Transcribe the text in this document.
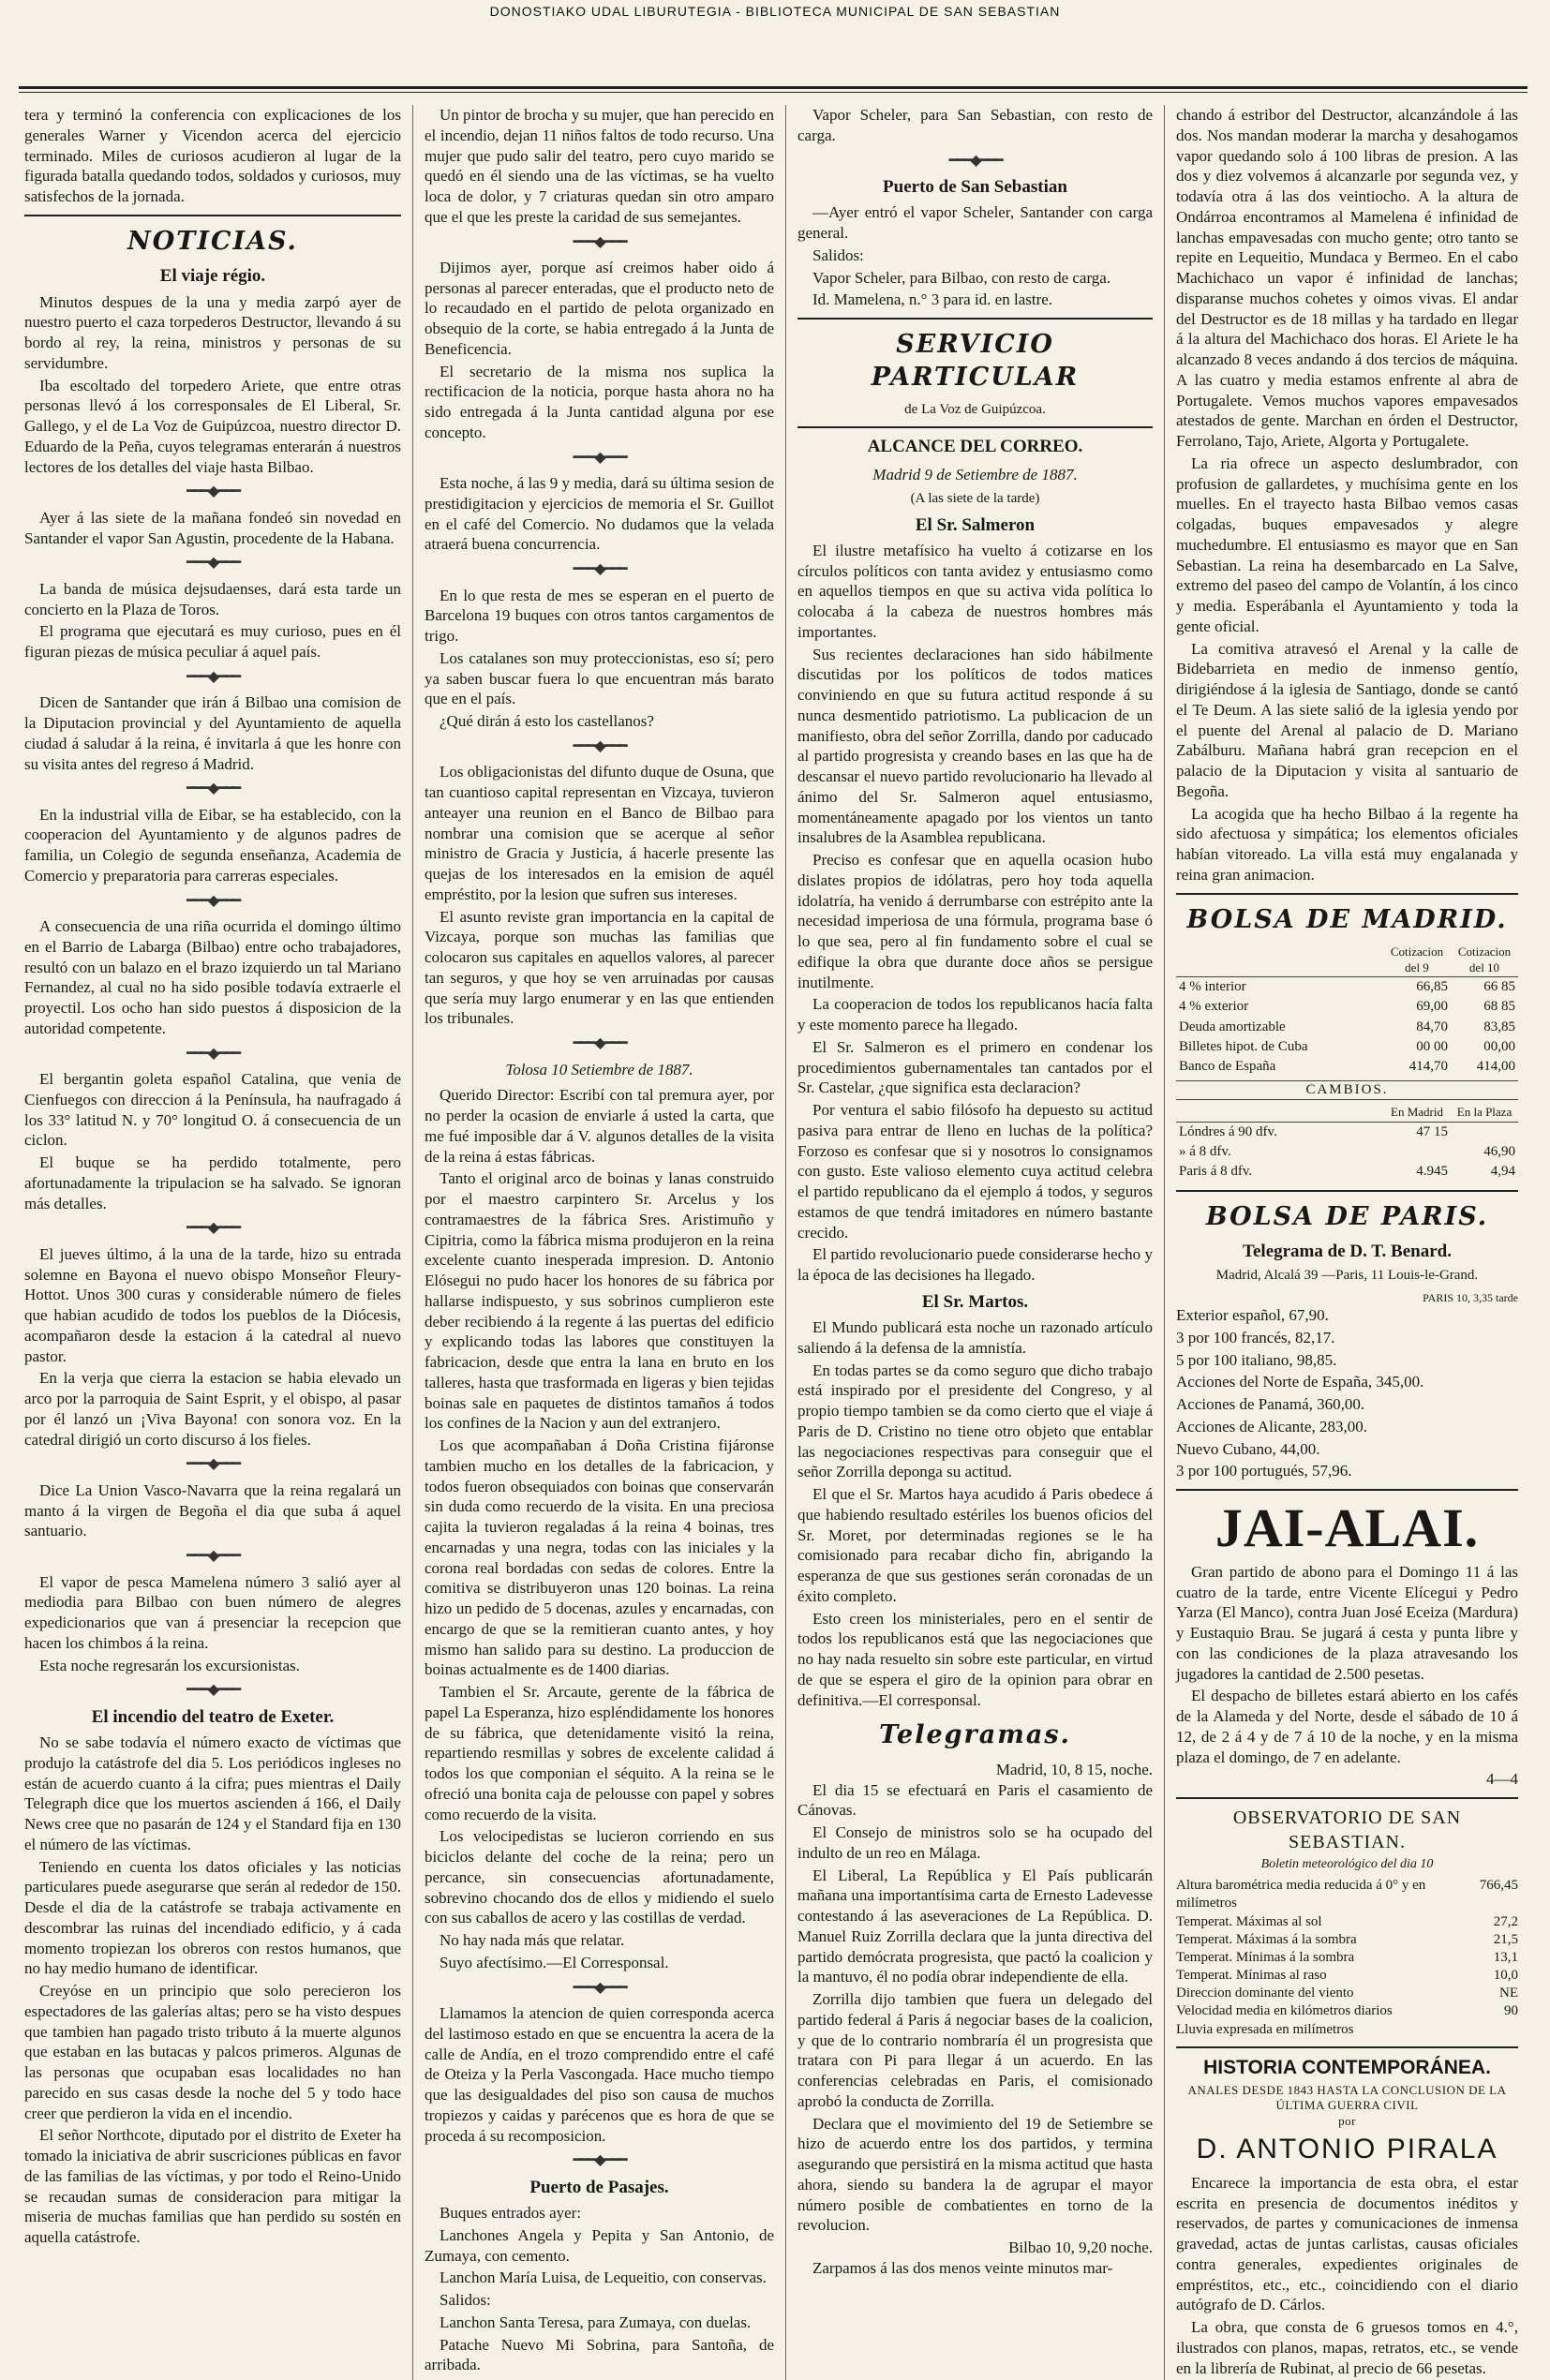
DONOSTIAKO UDAL LIBURUTEGIA - BIBLIOTECA MUNICIPAL DE SAN SEBASTIAN

tera y terminó la conferencia con explicaciones de los generales Warner y Vicendon acerca del ejercicio terminado. Miles de curiosos acudieron al lugar de la figurada batalla quedando todos, soldados y curiosos, muy satisfechos de la jornada.

NOTICIAS.
El viaje régio.

Minutos despues de la una y media zarpó ayer de nuestro puerto el caza torpederos Destructor, llevando á su bordo al rey, la reina, ministros y personas de su servidumbre.

Iba escoltado del torpedero Ariete, que entre otras personas llevó á los corresponsales de El Liberal, Sr. Gallego, y el de La Voz de Guipúzcoa, nuestro director D. Eduardo de la Peña, cuyos telegramas enterarán á nuestros lectores de los detalles del viaje hasta Bilbao.

━━━◆━━━

Ayer á las siete de la mañana fondeó sin novedad en Santander el vapor San Agustin, procedente de la Habana.

━━━◆━━━

La banda de música dejsudaenses, dará esta tarde un concierto en la Plaza de Toros.

El programa que ejecutará es muy curioso, pues en él figuran piezas de música peculiar á aquel país.

━━━◆━━━

Dicen de Santander que irán á Bilbao una comision de la Diputacion provincial y del Ayuntamiento de aquella ciudad á saludar á la reina, é invitarla á que les honre con su visita antes del regreso á Madrid.

━━━◆━━━

En la industrial villa de Eibar, se ha establecido, con la cooperacion del Ayuntamiento y de algunos padres de familia, un Colegio de segunda enseñanza, Academia de Comercio y preparatoria para carreras especiales.

━━━◆━━━

A consecuencia de una riña ocurrida el domingo último en el Barrio de Labarga (Bilbao) entre ocho trabajadores, resultó con un balazo en el brazo izquierdo un tal Mariano Fernandez, al cual no ha sido posible todavía extraerle el proyectil. Los ocho han sido puestos á disposicion de la autoridad competente.

━━━◆━━━

El bergantin goleta español Catalina, que venia de Cienfuegos con direccion á la Península, ha naufragado á los 33° latitud N. y 70° longitud O. á consecuencia de un ciclon.

El buque se ha perdido totalmente, pero afortunadamente la tripulacion se ha salvado. Se ignoran más detalles.

━━━◆━━━

El jueves último, á la una de la tarde, hizo su entrada solemne en Bayona el nuevo obispo Monseñor Fleury-Hottot. Unos 300 curas y considerable número de fieles que habian acudido de todos los pueblos de la Diócesis, acompañaron desde la estacion á la catedral al nuevo pastor.

En la verja que cierra la estacion se habia elevado un arco por la parroquia de Saint Esprit, y el obispo, al pasar por él lanzó un ¡Viva Bayona! con sonora voz. En la catedral dirigió un corto discurso á los fieles.

━━━◆━━━

Dice La Union Vasco-Navarra que la reina regalará un manto á la virgen de Begoña el dia que suba á aquel santuario.

━━━◆━━━

El vapor de pesca Mamelena número 3 salió ayer al mediodia para Bilbao con buen número de alegres expedicionarios que van á presenciar la recepcion que hacen los chimbos á la reina.

Esta noche regresarán los excursionistas.

━━━◆━━━
El incendio del teatro de Exeter.

No se sabe todavía el número exacto de víctimas que produjo la catástrofe del dia 5. Los periódicos ingleses no están de acuerdo cuanto á la cifra; pues mientras el Daily Telegraph dice que los muertos ascienden á 166, el Daily News cree que no pasarán de 124 y el Standard fija en 130 el número de las víctimas.

Teniendo en cuenta los datos oficiales y las noticias particulares puede asegurarse que serán al rededor de 150. Desde el dia de la catástrofe se trabaja activamente en descombrar las ruinas del incendiado edificio, y á cada momento tropiezan los obreros con restos humanos, que no hay medio humano de identificar.

Creyóse en un principio que solo perecieron los espectadores de las galerías altas; pero se ha visto despues que tambien han pagado tristo tributo á la muerte algunos que estaban en las butacas y palcos primeros. Algunas de las personas que ocupaban esas localidades no han parecido en sus casas desde la noche del 5 y todo hace creer que perdieron la vida en el incendio.

El señor Northcote, diputado por el distrito de Exeter ha tomado la iniciativa de abrir suscriciones públicas en favor de las familias de las víctimas, y por todo el Reino-Unido se recaudan sumas de consideracion para mitigar la miseria de muchas familias que han perdido su sostén en aquella catástrofe.

Un pintor de brocha y su mujer, que han perecido en el incendio, dejan 11 niños faltos de todo recurso. Una mujer que pudo salir del teatro, pero cuyo marido se quedó en él siendo una de las víctimas, se ha vuelto loca de dolor, y 7 criaturas quedan sin otro amparo que el que les preste la caridad de sus semejantes.

━━━◆━━━

Dijimos ayer, porque así creimos haber oido á personas al parecer enteradas, que el producto neto de lo recaudado en el partido de pelota organizado en obsequio de la corte, se habia entregado á la Junta de Beneficencia.

El secretario de la misma nos suplica la rectificacion de la noticia, porque hasta ahora no ha sido entregada á la Junta cantidad alguna por ese concepto.

━━━◆━━━

Esta noche, á las 9 y media, dará su última sesion de prestidigitacion y ejercicios de memoria el Sr. Guillot en el café del Comercio. No dudamos que la velada atraerá buena concurrencia.

━━━◆━━━

En lo que resta de mes se esperan en el puerto de Barcelona 19 buques con otros tantos cargamentos de trigo.

Los catalanes son muy proteccionistas, eso sí; pero ya saben buscar fuera lo que encuentran más barato que en el país.

¿Qué dirán á esto los castellanos?

━━━◆━━━

Los obligacionistas del difunto duque de Osuna, que tan cuantioso capital representan en Vizcaya, tuvieron anteayer una reunion en el Banco de Bilbao para nombrar una comision que se acerque al señor ministro de Gracia y Justicia, á hacerle presente las quejas de los interesados en la emision de aquél empréstito, por la lesion que sufren sus intereses.

El asunto reviste gran importancia en la capital de Vizcaya, porque son muchas las familias que colocaron sus capitales en aquellos valores, al parecer tan seguros, y que hoy se ven arruinadas por causas que sería muy largo enumerar y en las que entienden los tribunales.

━━━◆━━━
Tolosa 10 Setiembre de 1887.

Querido Director: Escribí con tal premura ayer, por no perder la ocasion de enviarle á usted la carta, que me fué imposible dar á V. algunos detalles de la visita de la reina á estas fábricas.

Tanto el original arco de boinas y lanas construido por el maestro carpintero Sr. Arcelus y los contramaestres de la fábrica Sres. Aristimuño y Cipitria, como la fábrica misma produjeron en la reina excelente cuanto inesperada impresion. D. Antonio Elósegui no pudo hacer los honores de su fábrica por hallarse indispuesto, y sus sobrinos cumplieron este deber recibiendo á la regente á las puertas del edificio y explicando todas las labores que constituyen la fabricacion, desde que entra la lana en bruto en los talleres, hasta que trasformada en ligeras y bien tejidas boinas sale en paquetes de distintos tamaños á todos los confines de la Nacion y aun del extranjero.

Los que acompañaban á Doña Cristina fijáronse tambien mucho en los detalles de la fabricacion, y todos fueron obsequiados con boinas que conservarán sin duda como recuerdo de la visita. En una preciosa cajita la tuvieron regaladas á la reina 4 boinas, tres encarnadas y una negra, todas con las iniciales y la corona real bordadas con sedas de colores. Entre la comitiva se distribuyeron unas 120 boinas. La reina hizo un pedido de 5 docenas, azules y encarnadas, con encargo de que se la remitieran cuanto antes, y hoy mismo han salido para su destino. La produccion de boinas actualmente es de 1400 diarias.

Tambien el Sr. Arcaute, gerente de la fábrica de papel La Esperanza, hizo espléndidamente los honores de su fábrica, que detenidamente visitó la reina, repartiendo resmillas y sobres de excelente calidad á todos los que componian el séquito. A la reina se le ofreció una bonita caja de pelousse con papel y sobres como recuerdo de la visita.

Los velocipedistas se lucieron corriendo en sus biciclos delante del coche de la reina; pero un percance, sin consecuencias afortunadamente, sobrevino chocando dos de ellos y midiendo el suelo con sus caballos de acero y las costillas de verdad.

No hay nada más que relatar.

Suyo afectísimo.—El Corresponsal.

━━━◆━━━

Llamamos la atencion de quien corresponda acerca del lastimoso estado en que se encuentra la acera de la calle de Andía, en el trozo comprendido entre el café de Oteiza y la Perla Vascongada. Hace mucho tiempo que las desigualdades del piso son causa de muchos tropiezos y caidas y parécenos que es hora de que se proceda á su recomposicion.

━━━◆━━━
Puerto de Pasajes.

Buques entrados ayer:

Lanchones Angela y Pepita y San Antonio, de Zumaya, con cemento.

Lanchon María Luisa, de Lequeitio, con conservas.

Salidos:

Lanchon Santa Teresa, para Zumaya, con duelas.

Patache Nuevo Mi Sobrina, para Santoña, de arribada.

Vapor Scheler, para San Sebastian, con resto de carga.

━━━◆━━━
Puerto de San Sebastian

—Ayer entró el vapor Scheler, Santander con carga general.

Salidos:

Vapor Scheler, para Bilbao, con resto de carga.

Id. Mamelena, n.° 3 para id. en lastre.

SERVICIO PARTICULAR
de La Voz de Guipúzcoa.
ALCANCE DEL CORREO.
Madrid 9 de Setiembre de 1887.
(A las siete de la tarde)
El Sr. Salmeron

El ilustre metafísico ha vuelto á cotizarse en los círculos políticos con tanta avidez y entusiasmo como en aquellos tiempos en que su activa vida política lo colocaba á la cabeza de nuestros hombres más importantes.

Sus recientes declaraciones han sido hábilmente discutidas por los políticos de todos matices conviniendo en que su futura actitud responde á su nunca desmentido patriotismo. La publicacion de un manifiesto, obra del señor Zorrilla, dando por caducado al partido progresista y creando bases en las que ha de descansar el nuevo partido revolucionario ha llevado al ánimo del Sr. Salmeron aquel entusiasmo, momentáneamente apagado por los vientos un tanto insalubres de la Asamblea republicana.

Preciso es confesar que en aquella ocasion hubo dislates propios de idólatras, pero hoy toda aquella idolatría, ha venido á derrumbarse con estrépito ante la necesidad imperiosa de una fórmula, programa base ó lo que sea, pero al fin fundamento sobre el cual se edifique la obra que durante doce años se persigue inutilmente.

La cooperacion de todos los republicanos hacía falta y este momento parece ha llegado.

El Sr. Salmeron es el primero en condenar los procedimientos gubernamentales tan cantados por el Sr. Castelar, ¿que significa esta declaracion?

Por ventura el sabio filósofo ha depuesto su actitud pasiva para entrar de lleno en luchas de la política? Forzoso es confesar que si y nosotros lo consignamos con gusto. Este valioso elemento cuya actitud celebra el partido republicano da el ejemplo á todos, y seguros estamos de que tendrá imitadores en número bastante crecido.

El partido revolucionario puede considerarse hecho y la época de las decisiones ha llegado.

El Sr. Martos.

El Mundo publicará esta noche un razonado artículo saliendo á la defensa de la amnistía.

En todas partes se da como seguro que dicho trabajo está inspirado por el presidente del Congreso, y al propio tiempo tambien se da como cierto que el viaje á Paris de D. Cristino no tiene otro objeto que entablar las negociaciones respectivas para conseguir que el señor Zorrilla deponga su actitud.

El que el Sr. Martos haya acudido á Paris obedece á que habiendo resultado estériles los buenos oficios del Sr. Moret, por determinadas regiones se le ha comisionado para recabar dicho fin, abrigando la esperanza de que sus gestiones serán coronadas de un éxito completo.

Esto creen los ministeriales, pero en el sentir de todos los republicanos está que las negociaciones que no hay nada resuelto sin sobre este particular, en virtud de que se espera el giro de la opinion para obrar en definitiva.—El corresponsal.

Telegramas.
Madrid, 10, 8 15, noche.

El dia 15 se efectuará en Paris el casamiento de Cánovas.

El Consejo de ministros solo se ha ocupado del indulto de un reo en Málaga.

El Liberal, La República y El País publicarán mañana una importantísima carta de Ernesto Ladevesse contestando á las aseveraciones de La República. D. Manuel Ruiz Zorrilla declara que la junta directiva del partido demócrata progresista, que pactó la coalicion y la mantuvo, él no podía obrar independiente de ella.

Zorrilla dijo tambien que fuera un delegado del partido federal á Paris á negociar bases de la coalicion, y que de lo contrario nombraría él un progresista que tratara con Pi para llegar á un acuerdo. En las conferencias celebradas en Paris, el comisionado aprobó la conducta de Zorrilla.

Declara que el movimiento del 19 de Setiembre se hizo de acuerdo entre los dos partidos, y termina asegurando que persistirá en la misma actitud que hasta ahora, siendo su bandera la de agrupar el mayor número posible de combatientes en torno de la revolucion.

Bilbao 10, 9,20 noche.

Zarpamos á las dos menos veinte minutos mar-

chando á estribor del Destructor, alcanzándole á las dos. Nos mandan moderar la marcha y desahogamos vapor quedando solo á 100 libras de presion. A las dos y diez volvemos á alcanzarle por segunda vez, y todavía otra á las dos veintiocho. A la altura de Ondárroa encontramos al Mamelena é infinidad de lanchas empavesadas con mucho gente; otro tanto se repite en Lequeitio, Mundaca y Bermeo. En el cabo Machichaco un vapor é infinidad de lanchas; disparanse muchos cohetes y oimos vivas. El andar del Destructor es de 18 millas y ha tardado en llegar á la altura del Machichaco dos horas. El Ariete le ha alcanzado 8 veces andando á dos tercios de máquina. A las cuatro y media estamos enfrente al abra de Portugalete. Vemos muchos vapores empavesados atestados de gente. Marchan en órden el Destructor, Ferrolano, Tajo, Ariete, Algorta y Portugalete.

La ria ofrece un aspecto deslumbrador, con profusion de gallardetes, y muchísima gente en los muelles. En el trayecto hasta Bilbao vemos casas colgadas, buques empavesados y alegre muchedumbre. El entusiasmo es mayor que en San Sebastian. La reina ha desembarcado en La Salve, extremo del paseo del campo de Volantín, á los cinco y media. Esperábanla el Ayuntamiento y toda la gente oficial.

La comitiva atravesó el Arenal y la calle de Bidebarrieta en medio de inmenso gentío, dirigiéndose á la iglesia de Santiago, donde se cantó el Te Deum. A las siete salió de la iglesia yendo por el puente del Arenal al palacio de D. Mariano Zabálburu. Mañana habrá gran recepcion en el palacio de la Diputacion y visita al santuario de Begoña.

La acogida que ha hecho Bilbao á la regente ha sido afectuosa y simpática; los elementos oficiales habían vitoreado. La villa está muy engalanada y reina gran animacion.

BOLSA DE MADRID.
	Cotizacion del 9	Cotizacion del 10
4 % interior	66,85	66 85
4 % exterior	69,00	68 85
Deuda amortizable	84,70	83,85
Billetes hipot. de Cuba	00 00	00,00
Banco de España	414,70	414,00
CAMBIOS.
	En Madrid	En la Plaza
Lóndres á 90 dfv.	47 15	
» á 8 dfv.		46,90
Paris á 8 dfv.	4.945	4,94
BOLSA DE PARIS.
Telegrama de D. T. Benard.
Madrid, Alcalá 39 —Paris, 11 Louis-le-Grand.
PARIS 10, 3,35 tarde

Exterior español, 67,90.

3 por 100 francés, 82,17.

5 por 100 italiano, 98,85.

Acciones del Norte de España, 345,00.

Acciones de Panamá, 360,00.

Acciones de Alicante, 283,00.

Nuevo Cubano, 44,00.

3 por 100 portugués, 57,96.

JAI-ALAI.

Gran partido de abono para el Domingo 11 á las cuatro de la tarde, entre Vicente Elícegui y Pedro Yarza (El Manco), contra Juan José Eceiza (Mardura) y Eustaquio Brau. Se jugará á cesta y punta libre y con las condiciones de la plaza atravesando los jugadores la cantidad de 2.500 pesetas.

El despacho de billetes estará abierto en los cafés de la Alameda y del Norte, desde el sábado de 10 á 12, de 2 á 4 y de 7 á 10 de la noche, y en la misma plaza el domingo, de 7 en adelante.

4—4
OBSERVATORIO DE SAN SEBASTIAN.
Boletin meteorológico del dia 10
Altura barométrica media reducida á 0° y en milímetros
766,45
Temperat. Máximas al sol	27,2
Temperat. Máximas á la sombra	21,5
Temperat. Mínimas á la sombra	13,1
Temperat. Mínimas al raso	10,0
Direccion dominante del viento	NE
Velocidad media en kilómetros diarios	90
Lluvia expresada en milímetros
HISTORIA CONTEMPORÁNEA.
ANALES DESDE 1843 HASTA LA CONCLUSION DE LA ÚLTIMA GUERRA CIVIL
por
D. ANTONIO PIRALA

Encarece la importancia de esta obra, el estar escrita en presencia de documentos inéditos y reservados, de partes y comunicaciones de inmensa gravedad, actas de juntas carlistas, causas oficiales contra generales, expedientes originales de empréstitos, etc., etc., coincidiendo con el diario autógrafo de D. Cárlos.

La obra, que consta de 6 gruesos tomos en 4.°, ilustrados con planos, mapas, retratos, etc., se vende en la librería de Rubinat, al precio de 66 pesetas.
